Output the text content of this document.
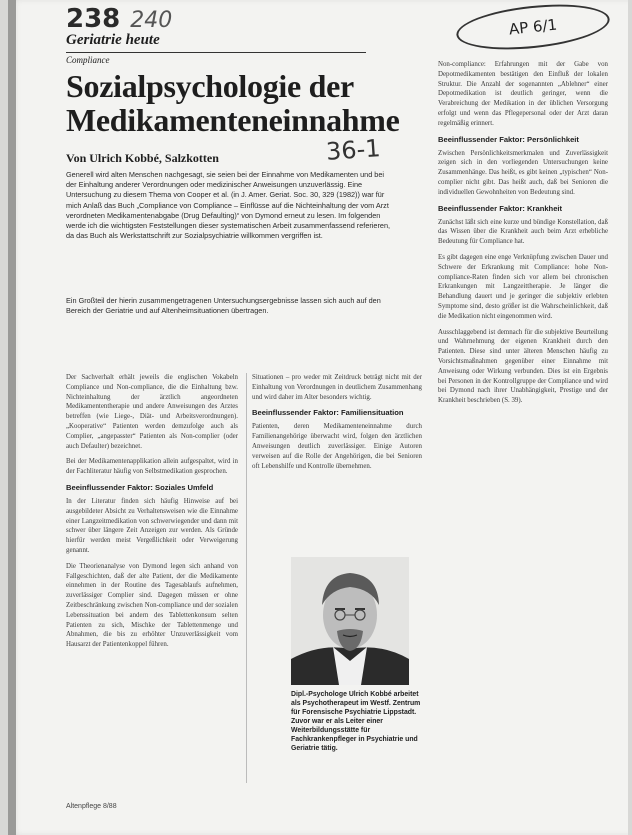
238 240	AP 6/1
Geriatrie heute
Compliance
Sozialpsychologie der Medikamenteneinnahme
36-1
Von Ulrich Kobbé, Salzkotten

Generell wird alten Menschen nachgesagt, sie seien bei der Einnahme von Medikamenten und bei der Einhaltung anderer Verordnungen oder medizinischer Anweisungen unzuverlässig. Eine Untersuchung zu diesem Thema von Cooper et al. (in J. Amer. Geriat. Soc. 30, 329 (1982)) war für mich Anlaß das Buch „Compliance von Compliance – Einflüsse auf die Nichteinhaltung der vom Arzt verordneten Medikamentenabgabe (Drug Defaulting)“ von Dymond erneut zu lesen. Im folgenden werde ich die wichtigsten Feststellungen dieser systematischen Arbeit zusammenfassend referieren, da das Buch als Werkstattschrift zur Sozialpsychiatrie willkommen vergriffen ist.

Ein Großteil der hierin zusammengetragenen Untersuchungsergebnisse lassen sich auch auf den Bereich der Geriatrie und auf Altenheimsituationen übertragen.

Der Sachverhalt erhält jeweils die englischen Vokabeln Compliance und Non-compliance, die die Einhaltung bzw. Nichteinhaltung der ärztlich angeordneten Medikamententherapie und andere Anweisungen des Arztes betreffen (wie Liege-, Diät- und Arbeitsverordnungen). „Kooperative“ Patienten werden demzufolge auch als Complier, „angepasster“ Patienten als Non-complier (oder auch Defaulter) bezeichnet.

Bei der Medikamentenapplikation allein aufgespaltet, wird in der Fachliteratur häufig von Selbstmedikation gesprochen.

Beeinflussender Faktor: Soziales Umfeld

In der Literatur finden sich häufig Hinweise auf bei ausgebildeter Absicht zu Verhaltensweisen wie die Einnahme einer Langzeitmedikation von schwerwiegender und dann mit schwer über längere Zeit Anzeigen zur werden. Als Gründe hierfür werden meist Vergeßlichkeit oder Verweigerung genannt.

Die Theorienanalyse von Dymond legen sich anhand von Fallgeschichten, daß der alte Patient, der die Medikamente einnehmen in der Routine des Tagesablaufs aufnehmen, zuverlässiger Complier sind. Dagegen müssen er ohne Zeitbeschränkung zwischen Non-compliance und der sozialen Lebenssituation bei andern des Tablettenkonsum selten Patienten zu sich, Mischke der Tablettenmenge und Abnahmen, die bis zu erhöhter Unzuverlässigkeit vom Hausarzt der Patientenkoppel führen.

Situationen – pro weder mit Zeitdruck beträgt nicht mit der Einhaltung von Verordnungen in deutlichem Zusammenhang und wird daher im Alter besonders wichtig.

Beeinflussender Faktor: Familiensituation

Patienten, deren Medikamenteneinnahme durch Familienangehörige überwacht wird, folgen den ärztlichen Anweisungen deutlich zuverlässiger. Einige Autoren verweisen auf die Rolle der Angehörigen, die bei Senioren oft Lebenshilfe und Kontrolle übernehmen.

Dipl.-Psychologe Ulrich Kobbé arbeitet als Psychotherapeut im Westf. Zentrum für Forensische Psychiatrie Lippstadt. Zuvor war er als Leiter einer Weiterbildungsstätte für Fachkrankenpfleger in Psychiatrie und Geriatrie tätig.

Non-compliance: Erfahrungen mit der Gabe von Depotmedikamenten bestätigen den Einfluß der lokalen Struktur. Die Anzahl der sogenannten „Ablehner“ einer Depotmedikation ist deutlich geringer, wenn die Verabreichung der Medikation in der üblichen Versorgung erfolgt und wenn das Pflegepersonal oder der Arzt daran regelmäßig erinnert.

Beeinflussender Faktor: Persönlichkeit

Zwischen Persönlichkeitsmerkmalen und Zuverlässigkeit zeigen sich in den vorliegenden Untersuchungen keine Zusammenhänge. Das heißt, es gibt keinen „typischen“ Non-complier nicht gibt. Das heißt auch, daß bei Senioren die individuellen Gewohnheiten von Bedeutung sind.

Beeinflussender Faktor: Krankheit

Zunächst läßt sich eine kurze und bündige Konstellation, daß das Wissen über die Krankheit auch beim Arzt erhebliche Bedeutung für Compliance hat.

Es gibt dagegen eine enge Verknüpfung zwischen Dauer und Schwere der Erkrankung mit Compliance: hohe Non-compliance-Raten finden sich vor allem bei chronischen Erkrankungen mit Langzeittherapie. Je länger die Behandlung dauert und je geringer die subjektiv erlebten Symptome sind, desto größer ist die Wahrscheinlichkeit, daß die Medikation nicht eingenommen wird.

Ausschlaggebend ist demnach für die subjektive Beurteilung und Wahrnehmung der eigenen Krankheit durch den Patienten. Diese sind unter älteren Menschen häufig zu Vorsichtsmaßnahmen gegenüber einer Einnahme mit Anweisung oder Wirkung verbunden. Dies ist ein Ergebnis bei Personen in der Kontrollgruppe der Compliance und wird bei Dymond nach ihrer Unabhängigkeit, Prestige und der Krankheit beschrieben (S. 39).

Altenpflege 8/88
